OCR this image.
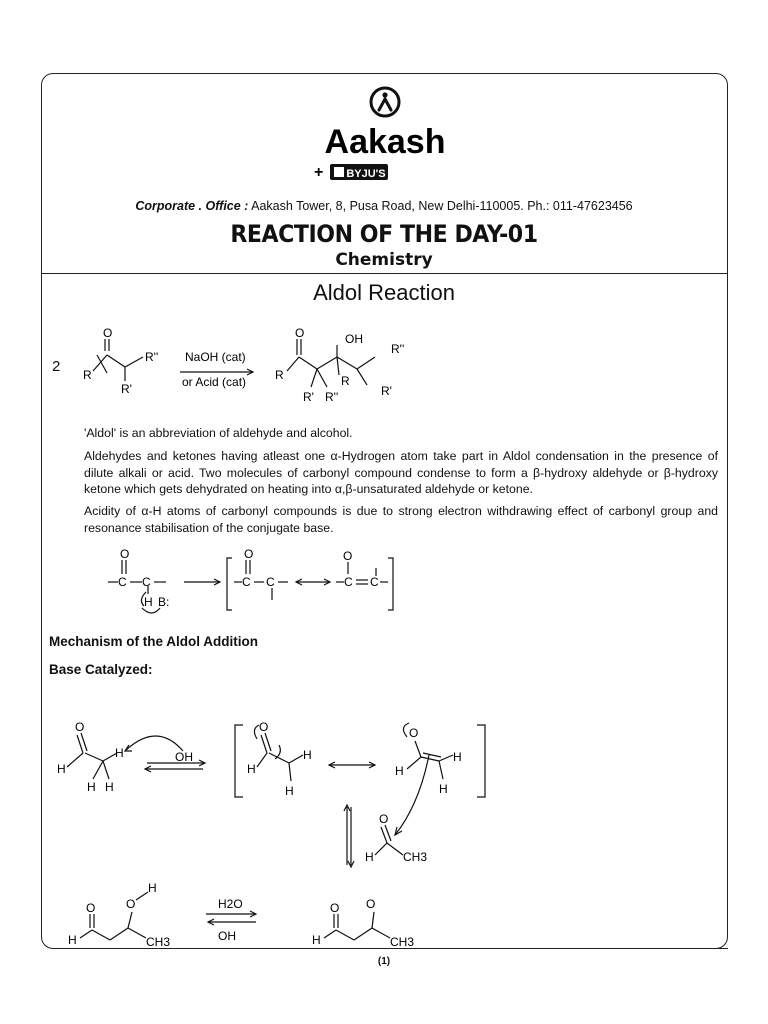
Aakash
+ BYJU'S
Corporate . Office : Aakash Tower, 8, Pusa Road, New Delhi-110005. Ph.: 011-47623456
REACTION OF THE DAY-01
Chemistry
Aldol Reaction
2
O
R
R''
R'
NaOH (cat)
or Acid (cat)
O	OH
R''
R	R
R'	R'
R''

'Aldol' is an abbreviation of aldehyde and alcohol.

Aldehydes and ketones having atleast one α-Hydrogen atom take part in Aldol condensation in the presence of dilute alkali or acid. Two molecules of carbonyl compound condense to form a β-hydroxy aldehyde or β-hydroxy ketone which gets dehydrated on heating into α,β-unsaturated aldehyde or ketone.

Acidity of α-H atoms of carbonyl compounds is due to strong electron withdrawing effect of carbonyl group and resonance stabilisation of the conjugate base.

O
C C
H B:
O
C C
O
C C
Mechanism of the Aldol Addition
Base Catalyzed:
O
H
H
H H
OH
O
H
H
H
O
H
H
H
O
H CH3
O
H
O
H
CH3
H2O
OH
O
H
O
CH3
(1)
